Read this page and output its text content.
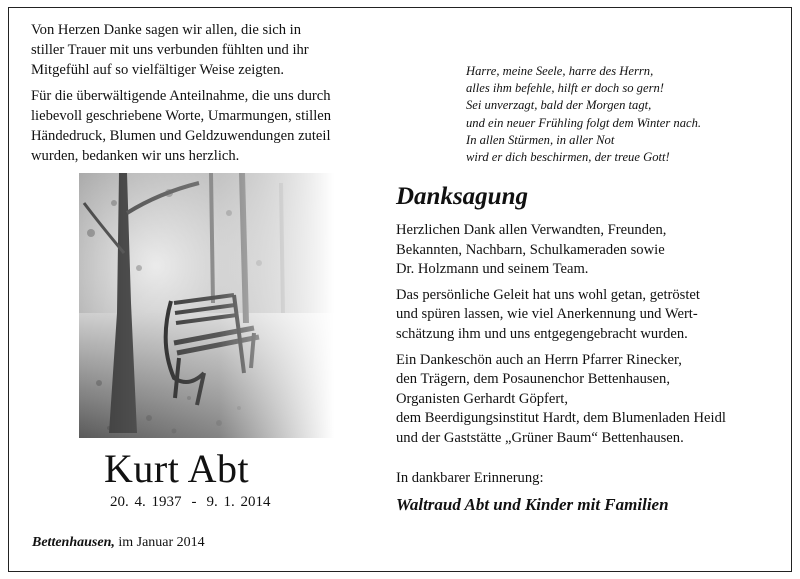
Von Herzen Danke sagen wir allen, die sich in
stiller Trauer mit uns verbunden fühlten und ihr
Mitgefühl auf so vielfältiger Weise zeigten.

Für die überwältigende Anteilnahme, die uns durch
liebevoll geschriebene Worte, Umarmungen, stillen
Händedruck, Blumen und Geldzuwendungen zuteil
wurden, bedanken wir uns herzlich.

Harre, meine Seele, harre des Herrn,
alles ihm befehle, hilft er doch so gern!
Sei unverzagt, bald der Morgen tagt,
und ein neuer Frühling folgt dem Winter nach.
In allen Stürmen, in aller Not
wird er dich beschirmen, der treue Gott!
Kurt Abt
20. 4. 1937 - 9. 1. 2014
Bettenhausen, im Januar 2014
Danksagung

Herzlichen Dank allen Verwandten, Freunden,
Bekannten, Nachbarn, Schulkameraden sowie
Dr. Holzmann und seinem Team.

Das persönliche Geleit hat uns wohl getan, getröstet
und spüren lassen, wie viel Anerkennung und Wert-
schätzung ihm und uns entgegengebracht wurden.

Ein Dankeschön auch an Herrn Pfarrer Rinecker,
den Trägern, dem Posaunenchor Bettenhausen,
Organisten Gerhardt Göpfert,
dem Beerdigungsinstitut Hardt, dem Blumenladen Heidl
und der Gaststätte „Grüner Baum“ Bettenhausen.

In dankbarer Erinnerung:
Waltraud Abt und Kinder mit Familien
